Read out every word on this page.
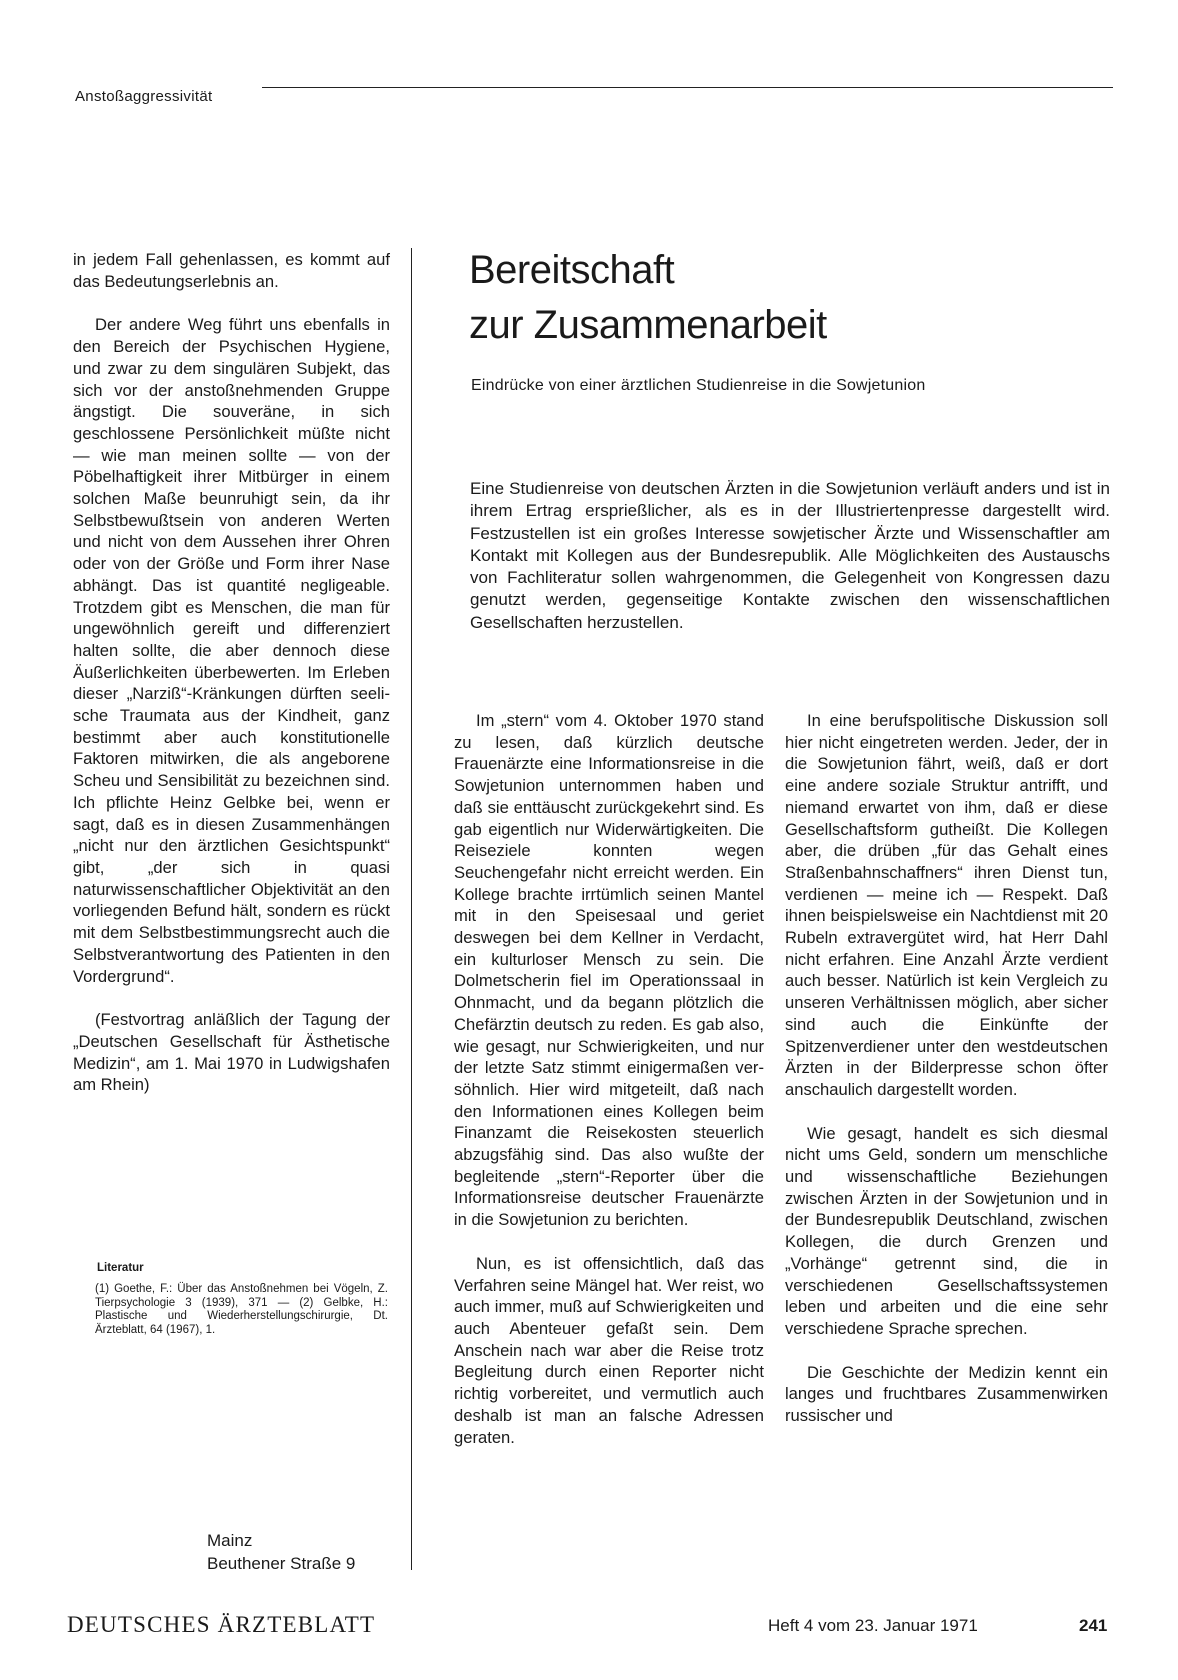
Anstoßaggressivität

in jedem Fall gehenlassen, es kommt auf das Bedeutungserlebnis an.

Der andere Weg führt uns ebenfalls in den Bereich der Psychischen Hygiene, und zwar zu dem singulären Subjekt, das sich vor der anstoßnehmenden Gruppe ängstigt. Die souveräne, in sich geschlossene Persönlichkeit müßte nicht — wie man meinen sollte — von der Pöbelhaftigkeit ihrer Mitbürger in einem solchen Maße beunruhigt sein, da ihr Selbstbewußtsein von anderen Werten und nicht von dem Aussehen ihrer Ohren oder von der Größe und Form ihrer Nase abhängt. Das ist quantité negligeable. Trotzdem gibt es Menschen, die man für ungewöhnlich gereift und differenziert halten sollte, die aber dennoch diese Äußerlichkeiten überbewerten. Im Erleben dieser „Narziß“-Kränkungen dürften seelische Traumata aus der Kindheit, ganz bestimmt aber auch konstitutionelle Faktoren mitwirken, die als angeborene Scheu und Sensibilität zu bezeichnen sind. Ich pflichte Heinz Gelbke bei, wenn er sagt, daß es in diesen Zusammenhängen „nicht nur den ärztlichen Gesichtspunkt“ gibt, „der sich in quasi naturwissenschaftlicher Objektivität an den vorliegenden Befund hält, sondern es rückt mit dem Selbstbestimmungsrecht auch die Selbstverantwortung des Patienten in den Vordergrund“.

(Festvortrag anläßlich der Tagung der „Deutschen Gesellschaft für Ästhetische Medizin“, am 1. Mai 1970 in Ludwigshafen am Rhein)

Literatur
(1) Goethe, F.: Über das Anstoßnehmen bei Vögeln, Z. Tierpsychologie 3 (1939), 371 — (2) Gelbke, H.: Plastische und Wiederherstellungschirurgie, Dt. Ärzteblatt, 64 (1967), 1.
Mainz
Beuthener Straße 9
Bereitschaft
zur Zusammenarbeit
Eindrücke von einer ärztlichen Studienreise in die Sowjetunion
Eine Studienreise von deutschen Ärzten in die Sowjetunion verläuft anders und ist in ihrem Ertrag ersprießlicher, als es in der Illustriertenpresse dargestellt wird. Festzustellen ist ein großes Interesse sowjetischer Ärzte und Wissenschaftler am Kontakt mit Kollegen aus der Bundesrepublik. Alle Möglichkeiten des Austauschs von Fachliteratur sollen wahrgenommen, die Gelegenheit von Kongressen dazu genutzt werden, gegenseitige Kontakte zwischen den wissenschaftlichen Gesellschaften herzustellen.

Im „stern“ vom 4. Oktober 1970 stand zu lesen, daß kürzlich deutsche Frauenärzte eine Informationsreise in die Sowjetunion unternommen haben und daß sie enttäuscht zurückgekehrt sind. Es gab eigentlich nur Widerwärtigkeiten. Die Reiseziele konnten wegen Seuchengefahr nicht erreicht werden. Ein Kollege brachte irrtümlich seinen Mantel mit in den Speisesaal und geriet deswegen bei dem Kellner in Verdacht, ein kulturloser Mensch zu sein. Die Dolmetscherin fiel im Operationssaal in Ohnmacht, und da begann plötzlich die Chefärztin deutsch zu reden. Es gab also, wie gesagt, nur Schwierigkeiten, und nur der letzte Satz stimmt einigermaßen versöhnlich. Hier wird mitgeteilt, daß nach den Informationen eines Kollegen beim Finanzamt die Reisekosten steuerlich abzugsfähig sind. Das also wußte der begleitende „stern“-Reporter über die Informationsreise deutscher Frauenärzte in die Sowjetunion zu berichten.

Nun, es ist offensichtlich, daß das Verfahren seine Mängel hat. Wer reist, wo auch immer, muß auf Schwierigkeiten und auch Abenteuer gefaßt sein. Dem Anschein nach war aber die Reise trotz Begleitung durch einen Reporter nicht richtig vorbereitet, und vermutlich auch deshalb ist man an falsche Adressen geraten.

In eine berufspolitische Diskussion soll hier nicht eingetreten werden. Jeder, der in die Sowjetunion fährt, weiß, daß er dort eine andere soziale Struktur antrifft, und niemand erwartet von ihm, daß er diese Gesellschaftsform gutheißt. Die Kollegen aber, die drüben „für das Gehalt eines Straßenbahnschaffners“ ihren Dienst tun, verdienen — meine ich — Respekt. Daß ihnen beispielsweise ein Nachtdienst mit 20 Rubeln extravergütet wird, hat Herr Dahl nicht erfahren. Eine Anzahl Ärzte verdient auch besser. Natürlich ist kein Vergleich zu unseren Verhältnissen möglich, aber sicher sind auch die Einkünfte der Spitzenverdiener unter den westdeutschen Ärzten in der Bilderpresse schon öfter anschaulich dargestellt worden.

Wie gesagt, handelt es sich diesmal nicht ums Geld, sondern um menschliche und wissenschaftliche Beziehungen zwischen Ärzten in der Sowjetunion und in der Bundesrepublik Deutschland, zwischen Kollegen, die durch Grenzen und „Vorhänge“ getrennt sind, die in verschiedenen Gesellschaftssystemen leben und arbeiten und die eine sehr verschiedene Sprache sprechen.

Die Geschichte der Medizin kennt ein langes und fruchtbares Zusammenwirken russischer und

DEUTSCHES ÄRZTEBLATT	Heft 4 vom 23. Januar 1971	241
